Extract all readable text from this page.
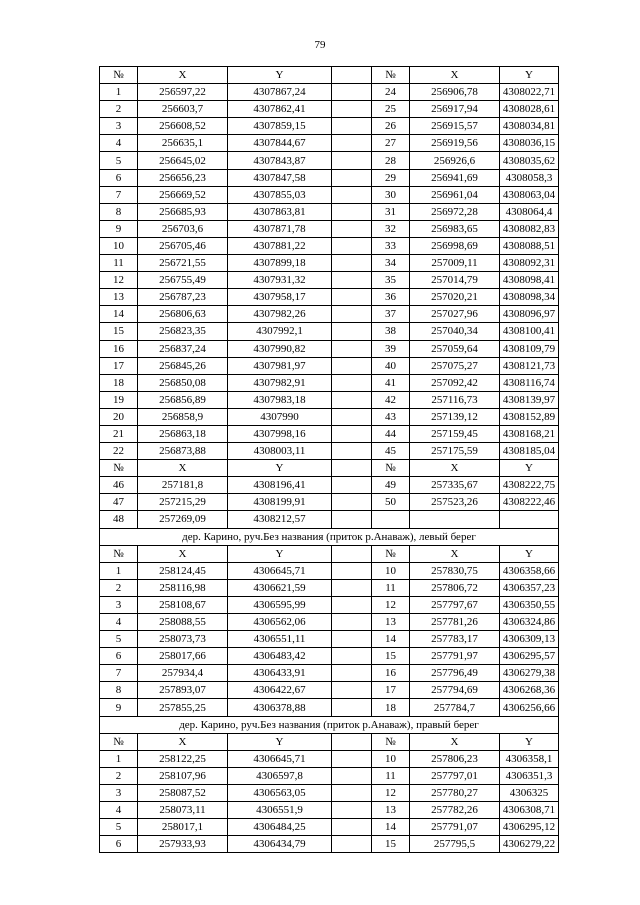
79
№	X	Y		№	X	Y
1	256597,22	4307867,24		24	256906,78	4308022,71
2	256603,7	4307862,41		25	256917,94	4308028,61
3	256608,52	4307859,15		26	256915,57	4308034,81
4	256635,1	4307844,67		27	256919,56	4308036,15
5	256645,02	4307843,87		28	256926,6	4308035,62
6	256656,23	4307847,58		29	256941,69	4308058,3
7	256669,52	4307855,03		30	256961,04	4308063,04
8	256685,93	4307863,81		31	256972,28	4308064,4
9	256703,6	4307871,78		32	256983,65	4308082,83
10	256705,46	4307881,22		33	256998,69	4308088,51
11	256721,55	4307899,18		34	257009,11	4308092,31
12	256755,49	4307931,32		35	257014,79	4308098,41
13	256787,23	4307958,17		36	257020,21	4308098,34
14	256806,63	4307982,26		37	257027,96	4308096,97
15	256823,35	4307992,1		38	257040,34	4308100,41
16	256837,24	4307990,82		39	257059,64	4308109,79
17	256845,26	4307981,97		40	257075,27	4308121,73
18	256850,08	4307982,91		41	257092,42	4308116,74
19	256856,89	4307983,18		42	257116,73	4308139,97
20	256858,9	4307990		43	257139,12	4308152,89
21	256863,18	4307998,16		44	257159,45	4308168,21
22	256873,88	4308003,11		45	257175,59	4308185,04
№	X	Y		№	X	Y
46	257181,8	4308196,41		49	257335,67	4308222,75
47	257215,29	4308199,91		50	257523,26	4308222,46
48	257269,09	4308212,57				
дер. Карино, руч.Без названия (приток р.Анаваж), левый берег						
№	X	Y		№	X	Y
1	258124,45	4306645,71		10	257830,75	4306358,66
2	258116,98	4306621,59		11	257806,72	4306357,23
3	258108,67	4306595,99		12	257797,67	4306350,55
4	258088,55	4306562,06		13	257781,26	4306324,86
5	258073,73	4306551,11		14	257783,17	4306309,13
6	258017,66	4306483,42		15	257791,97	4306295,57
7	257934,4	4306433,91		16	257796,49	4306279,38
8	257893,07	4306422,67		17	257794,69	4306268,36
9	257855,25	4306378,88		18	257784,7	4306256,66
дер. Карино, руч.Без названия (приток р.Анаваж), правый берег						
№	X	Y		№	X	Y
1	258122,25	4306645,71		10	257806,23	4306358,1
2	258107,96	4306597,8		11	257797,01	4306351,3
3	258087,52	4306563,05		12	257780,27	4306325
4	258073,11	4306551,9		13	257782,26	4306308,71
5	258017,1	4306484,25		14	257791,07	4306295,12
6	257933,93	4306434,79		15	257795,5	4306279,22
